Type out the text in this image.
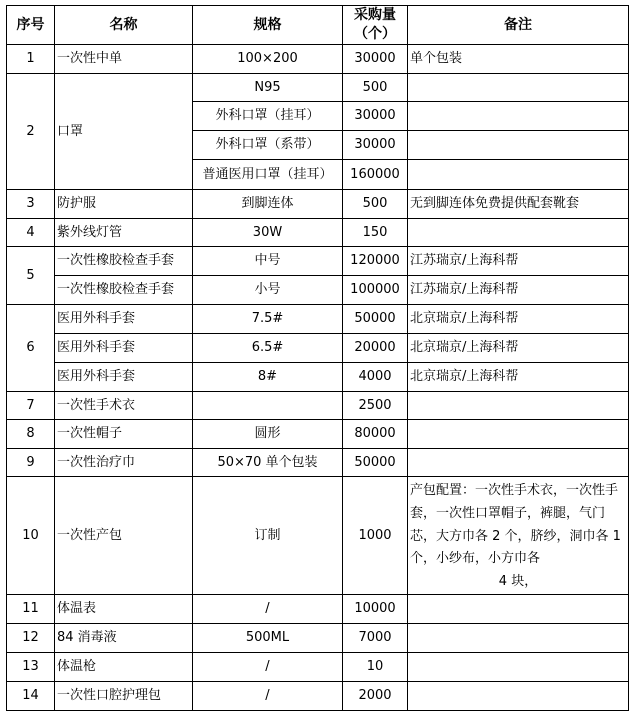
序号	名称	规格	采购量（个）	备注
1	一次性中单	100×200	30000	单个包装
2	口罩	N95	500	
		外科口罩（挂耳）	30000	
		外科口罩（系带）	30000	
		普通医用口罩（挂耳）	160000	
3	防护服	到脚连体	500	无到脚连体免费提供配套靴套
4	紫外线灯管	30W	150	
5	一次性橡胶检查手套	中号	120000	江苏瑞京/上海科帮
	一次性橡胶检查手套	小号	100000	江苏瑞京/上海科帮
6	医用外科手套	7.5#	50000	北京瑞京/上海科帮
	医用外科手套	6.5#	20000	北京瑞京/上海科帮
	医用外科手套	8#	4000	北京瑞京/上海科帮
7	一次性手术衣		2500	
8	一次性帽子	圆形	80000	
9	一次性治疗巾	50×70 单个包装	50000	
10	一次性产包	订制	1000	产包配置：一次性手术衣，一次性手套，一次性口罩帽子，裤腿，气门芯，大方巾各 2 个，脐纱，洞巾各 1 个，小纱布，小方巾各
4 块，

11	体温表	/	10000	
12	84 消毒液	500ML	7000	
13	体温枪	/	10	
14	一次性口腔护理包	/	2000	
